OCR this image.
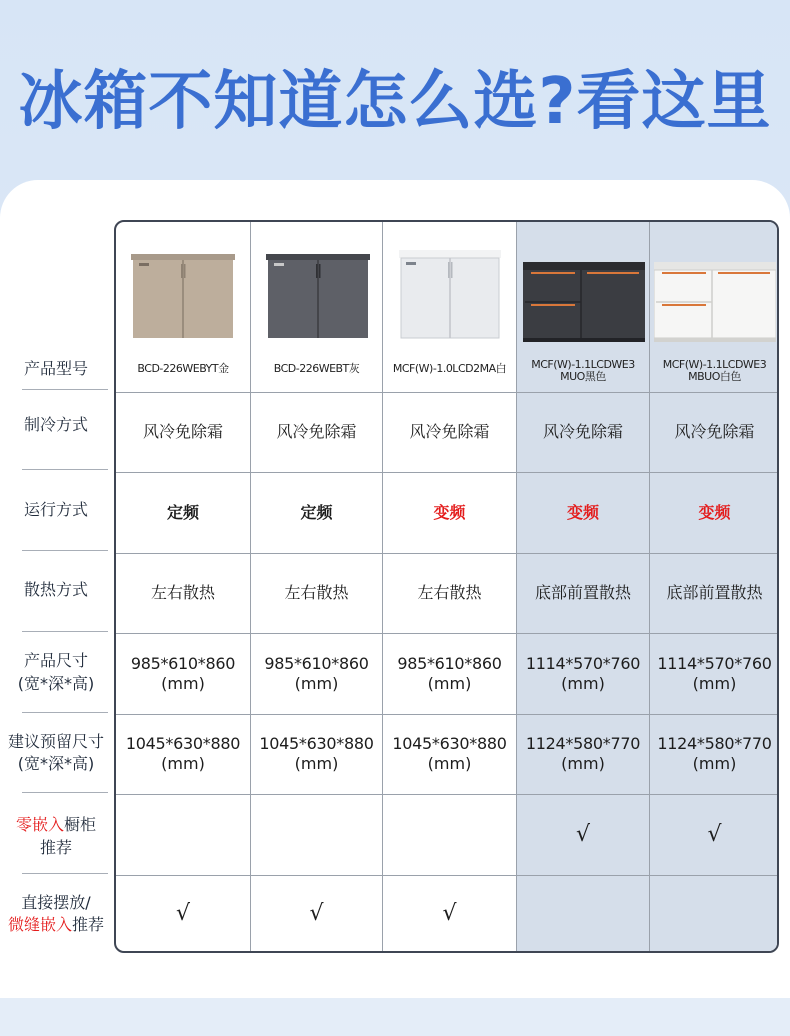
冰箱不知道怎么选?看这里
产品型号
制冷方式
运行方式
散热方式
产品尺寸
(宽*深*高)
建议预留尺寸
(宽*深*高)
零嵌入橱柜
推荐
直接摆放/
微缝嵌入推荐
BCD-226WEBYT金
风冷免除霜
定频
左右散热
985*610*860
(mm)
1045*630*880
(mm)
√
BCD-226WEBT灰
风冷免除霜
定频
左右散热
985*610*860
(mm)
1045*630*880
(mm)
√
MCF(W)-1.0LCD2MA白
风冷免除霜
变频
左右散热
985*610*860
(mm)
1045*630*880
(mm)
√
MCF(W)-1.1LCDWE3
MUO黑色
风冷免除霜
变频
底部前置散热
1114*570*760
(mm)
1124*580*770
(mm)
√
MCF(W)-1.1LCDWE3
MBUO白色
风冷免除霜
变频
底部前置散热
1114*570*760
(mm)
1124*580*770
(mm)
√
